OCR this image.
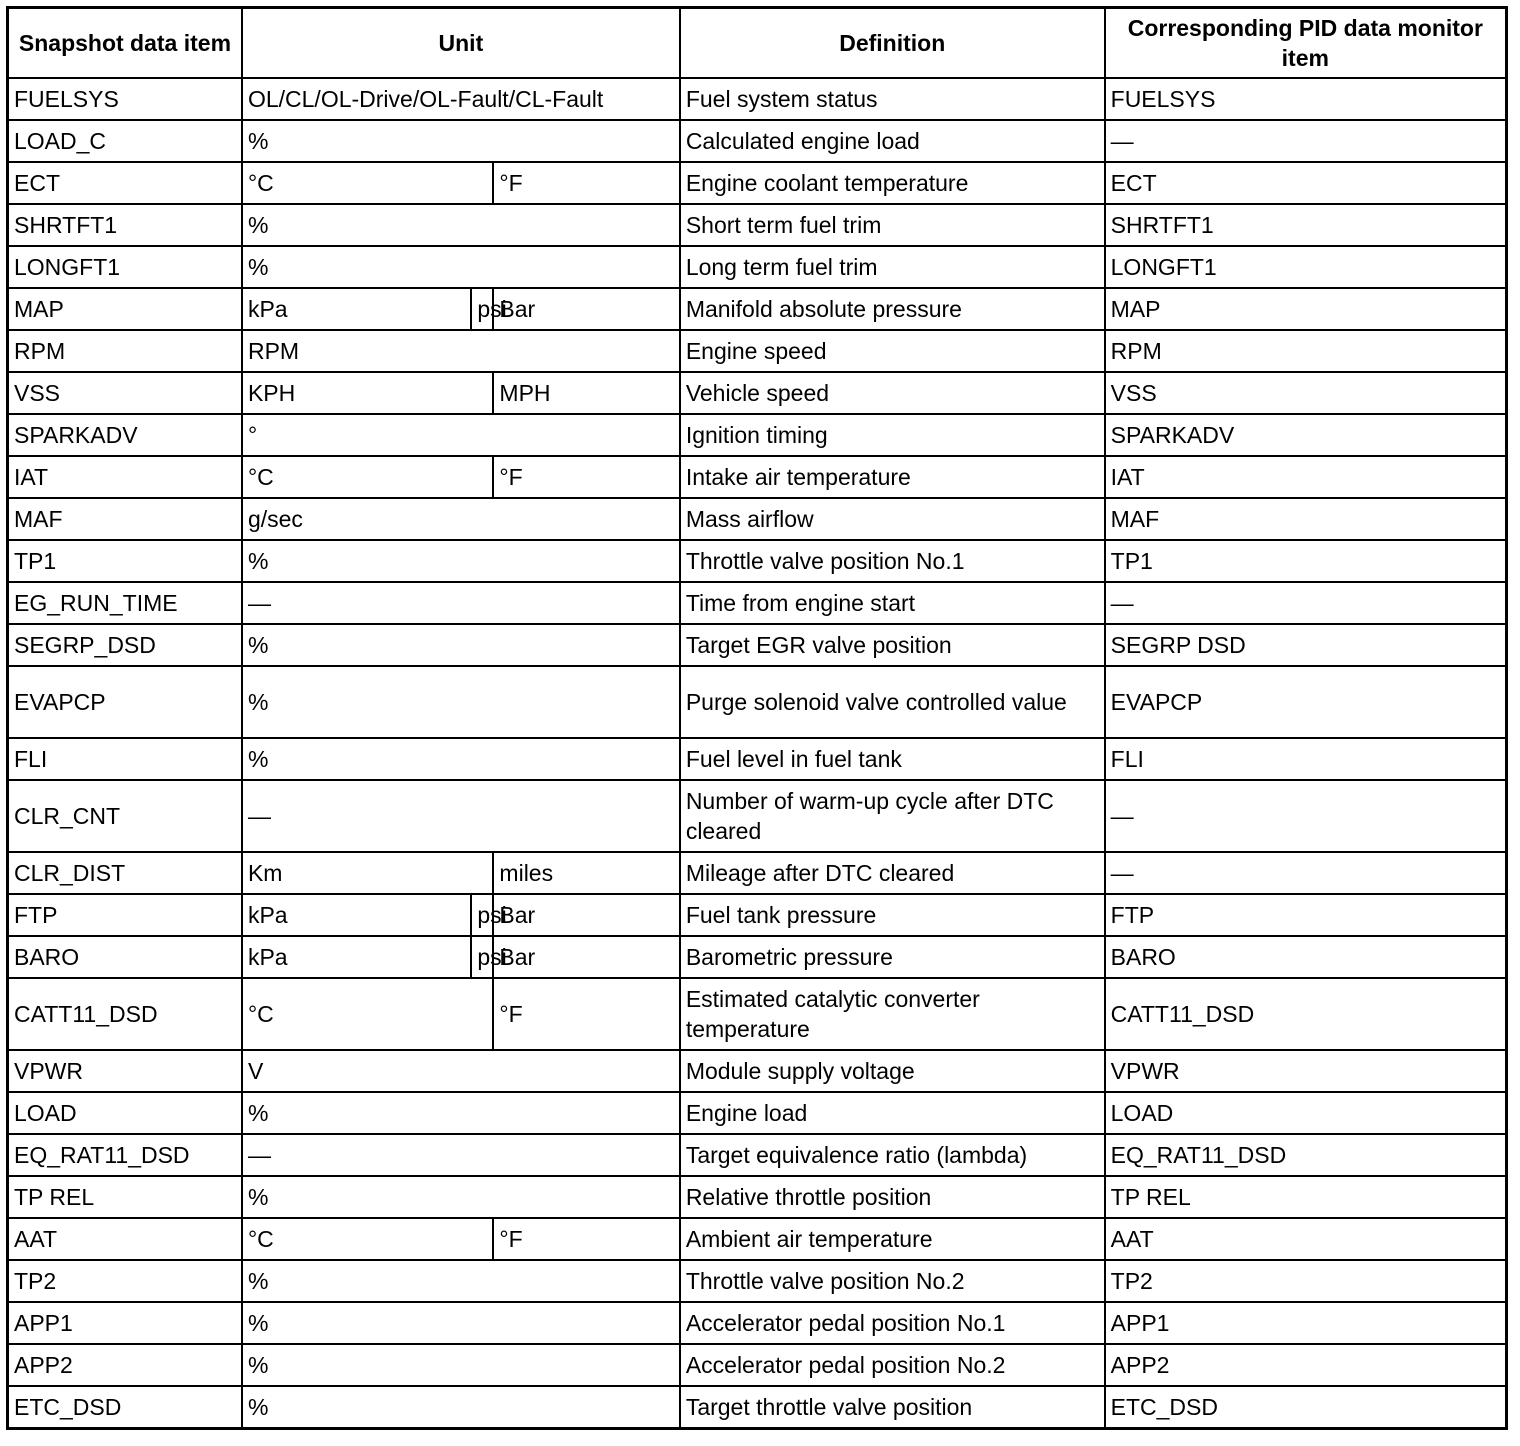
Snapshot data item	Unit			Definition	Corresponding PID data monitor item
FUELSYS	OL/CL/OL-Drive/OL-Fault/CL-Fault			Fuel system status	FUELSYS
LOAD_C	%			Calculated engine load	—
ECT	°C		°F	Engine coolant temperature	ECT
SHRTFT1	%			Short term fuel trim	SHRTFT1
LONGFT1	%			Long term fuel trim	LONGFT1
MAP	kPa	psi	Bar	Manifold absolute pressure	MAP
RPM	RPM			Engine speed	RPM
VSS	KPH		MPH	Vehicle speed	VSS
SPARKADV	°			Ignition timing	SPARKADV
IAT	°C		°F	Intake air temperature	IAT
MAF	g/sec			Mass airflow	MAF
TP1	%			Throttle valve position No.1	TP1
EG_RUN_TIME	—			Time from engine start	—
SEGRP_DSD	%			Target EGR valve position	SEGRP DSD
EVAPCP	%			Purge solenoid valve controlled value	EVAPCP
FLI	%			Fuel level in fuel tank	FLI
CLR_CNT	—			Number of warm-up cycle after DTC cleared	—
CLR_DIST	Km		miles	Mileage after DTC cleared	—
FTP	kPa	psi	Bar	Fuel tank pressure	FTP
BARO	kPa	psi	Bar	Barometric pressure	BARO
CATT11_DSD	°C		°F	Estimated catalytic converter temperature	CATT11_DSD
VPWR	V			Module supply voltage	VPWR
LOAD	%			Engine load	LOAD
EQ_RAT11_DSD	—			Target equivalence ratio (lambda)	EQ_RAT11_DSD
TP REL	%			Relative throttle position	TP REL
AAT	°C		°F	Ambient air temperature	AAT
TP2	%			Throttle valve position No.2	TP2
APP1	%			Accelerator pedal position No.1	APP1
APP2	%			Accelerator pedal position No.2	APP2
ETC_DSD	%			Target throttle valve position	ETC_DSD
